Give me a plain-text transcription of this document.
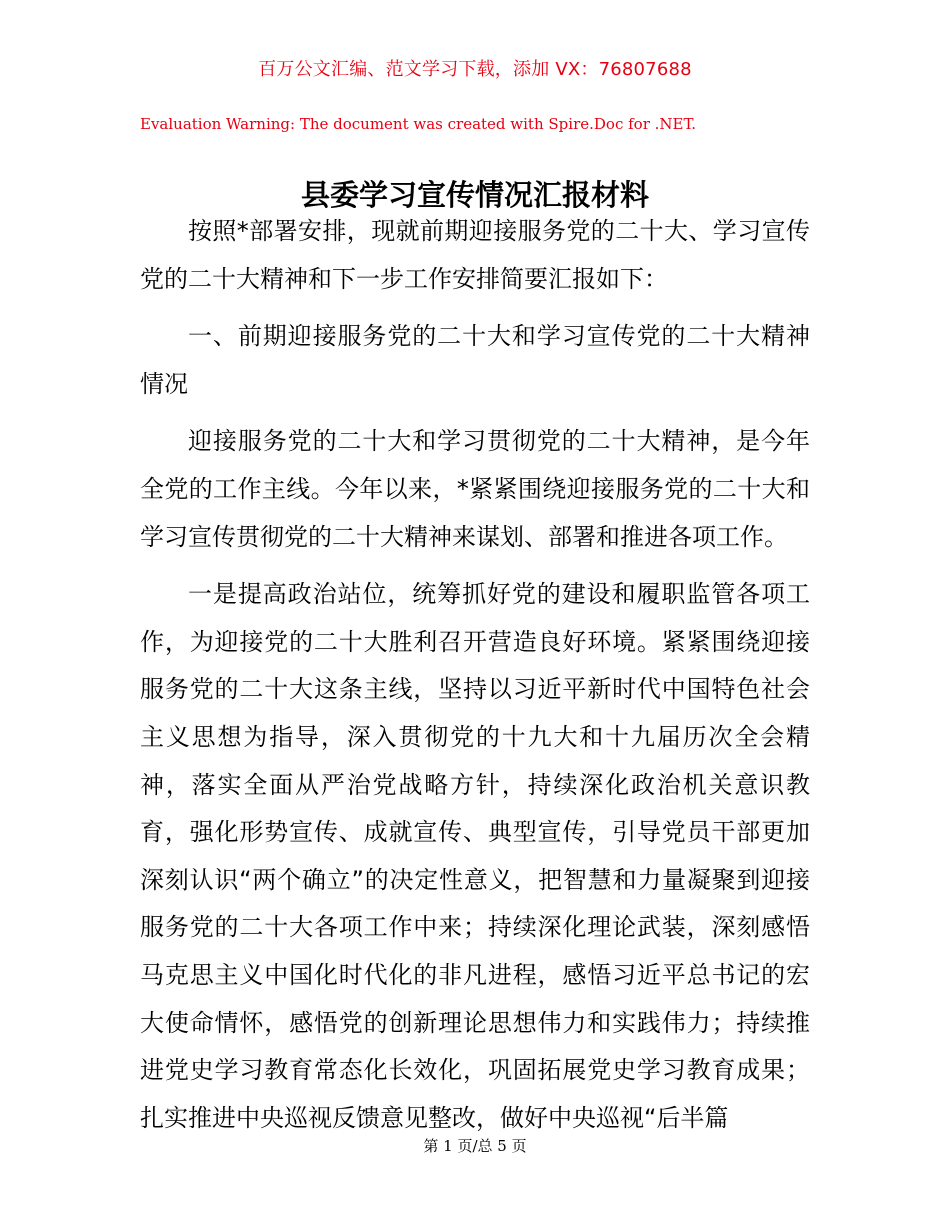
百万公文汇编、范文学习下载，添加 VX：76807688
Evaluation Warning: The document was created with Spire.Doc for .NET.
县委学习宣传情况汇报材料

按照*部署安排，现就前期迎接服务党的二十大、学习宣传党的二十大精神和下一步工作安排简要汇报如下：

一、前期迎接服务党的二十大和学习宣传党的二十大精神情况

迎接服务党的二十大和学习贯彻党的二十大精神，是今年全党的工作主线。今年以来，*紧紧围绕迎接服务党的二十大和学习宣传贯彻党的二十大精神来谋划、部署和推进各项工作。

一是提高政治站位，统筹抓好党的建设和履职监管各项工作，为迎接党的二十大胜利召开营造良好环境。紧紧围绕迎接服务党的二十大这条主线，坚持以习近平新时代中国特色社会主义思想为指导，深入贯彻党的十九大和十九届历次全会精神，落实全面从严治党战略方针，持续深化政治机关意识教育，强化形势宣传、成就宣传、典型宣传，引导党员干部更加深刻认识“两个确立”的决定性意义，把智慧和力量凝聚到迎接服务党的二十大各项工作中来；持续深化理论武装，深刻感悟马克思主义中国化时代化的非凡进程，感悟习近平总书记的宏大使命情怀，感悟党的创新理论思想伟力和实践伟力；持续推进党史学习教育常态化长效化，巩固拓展党史学习教育成果；扎实推进中央巡视反馈意见整改，做好中央巡视“后半篇

第 1 页/总 5 页
